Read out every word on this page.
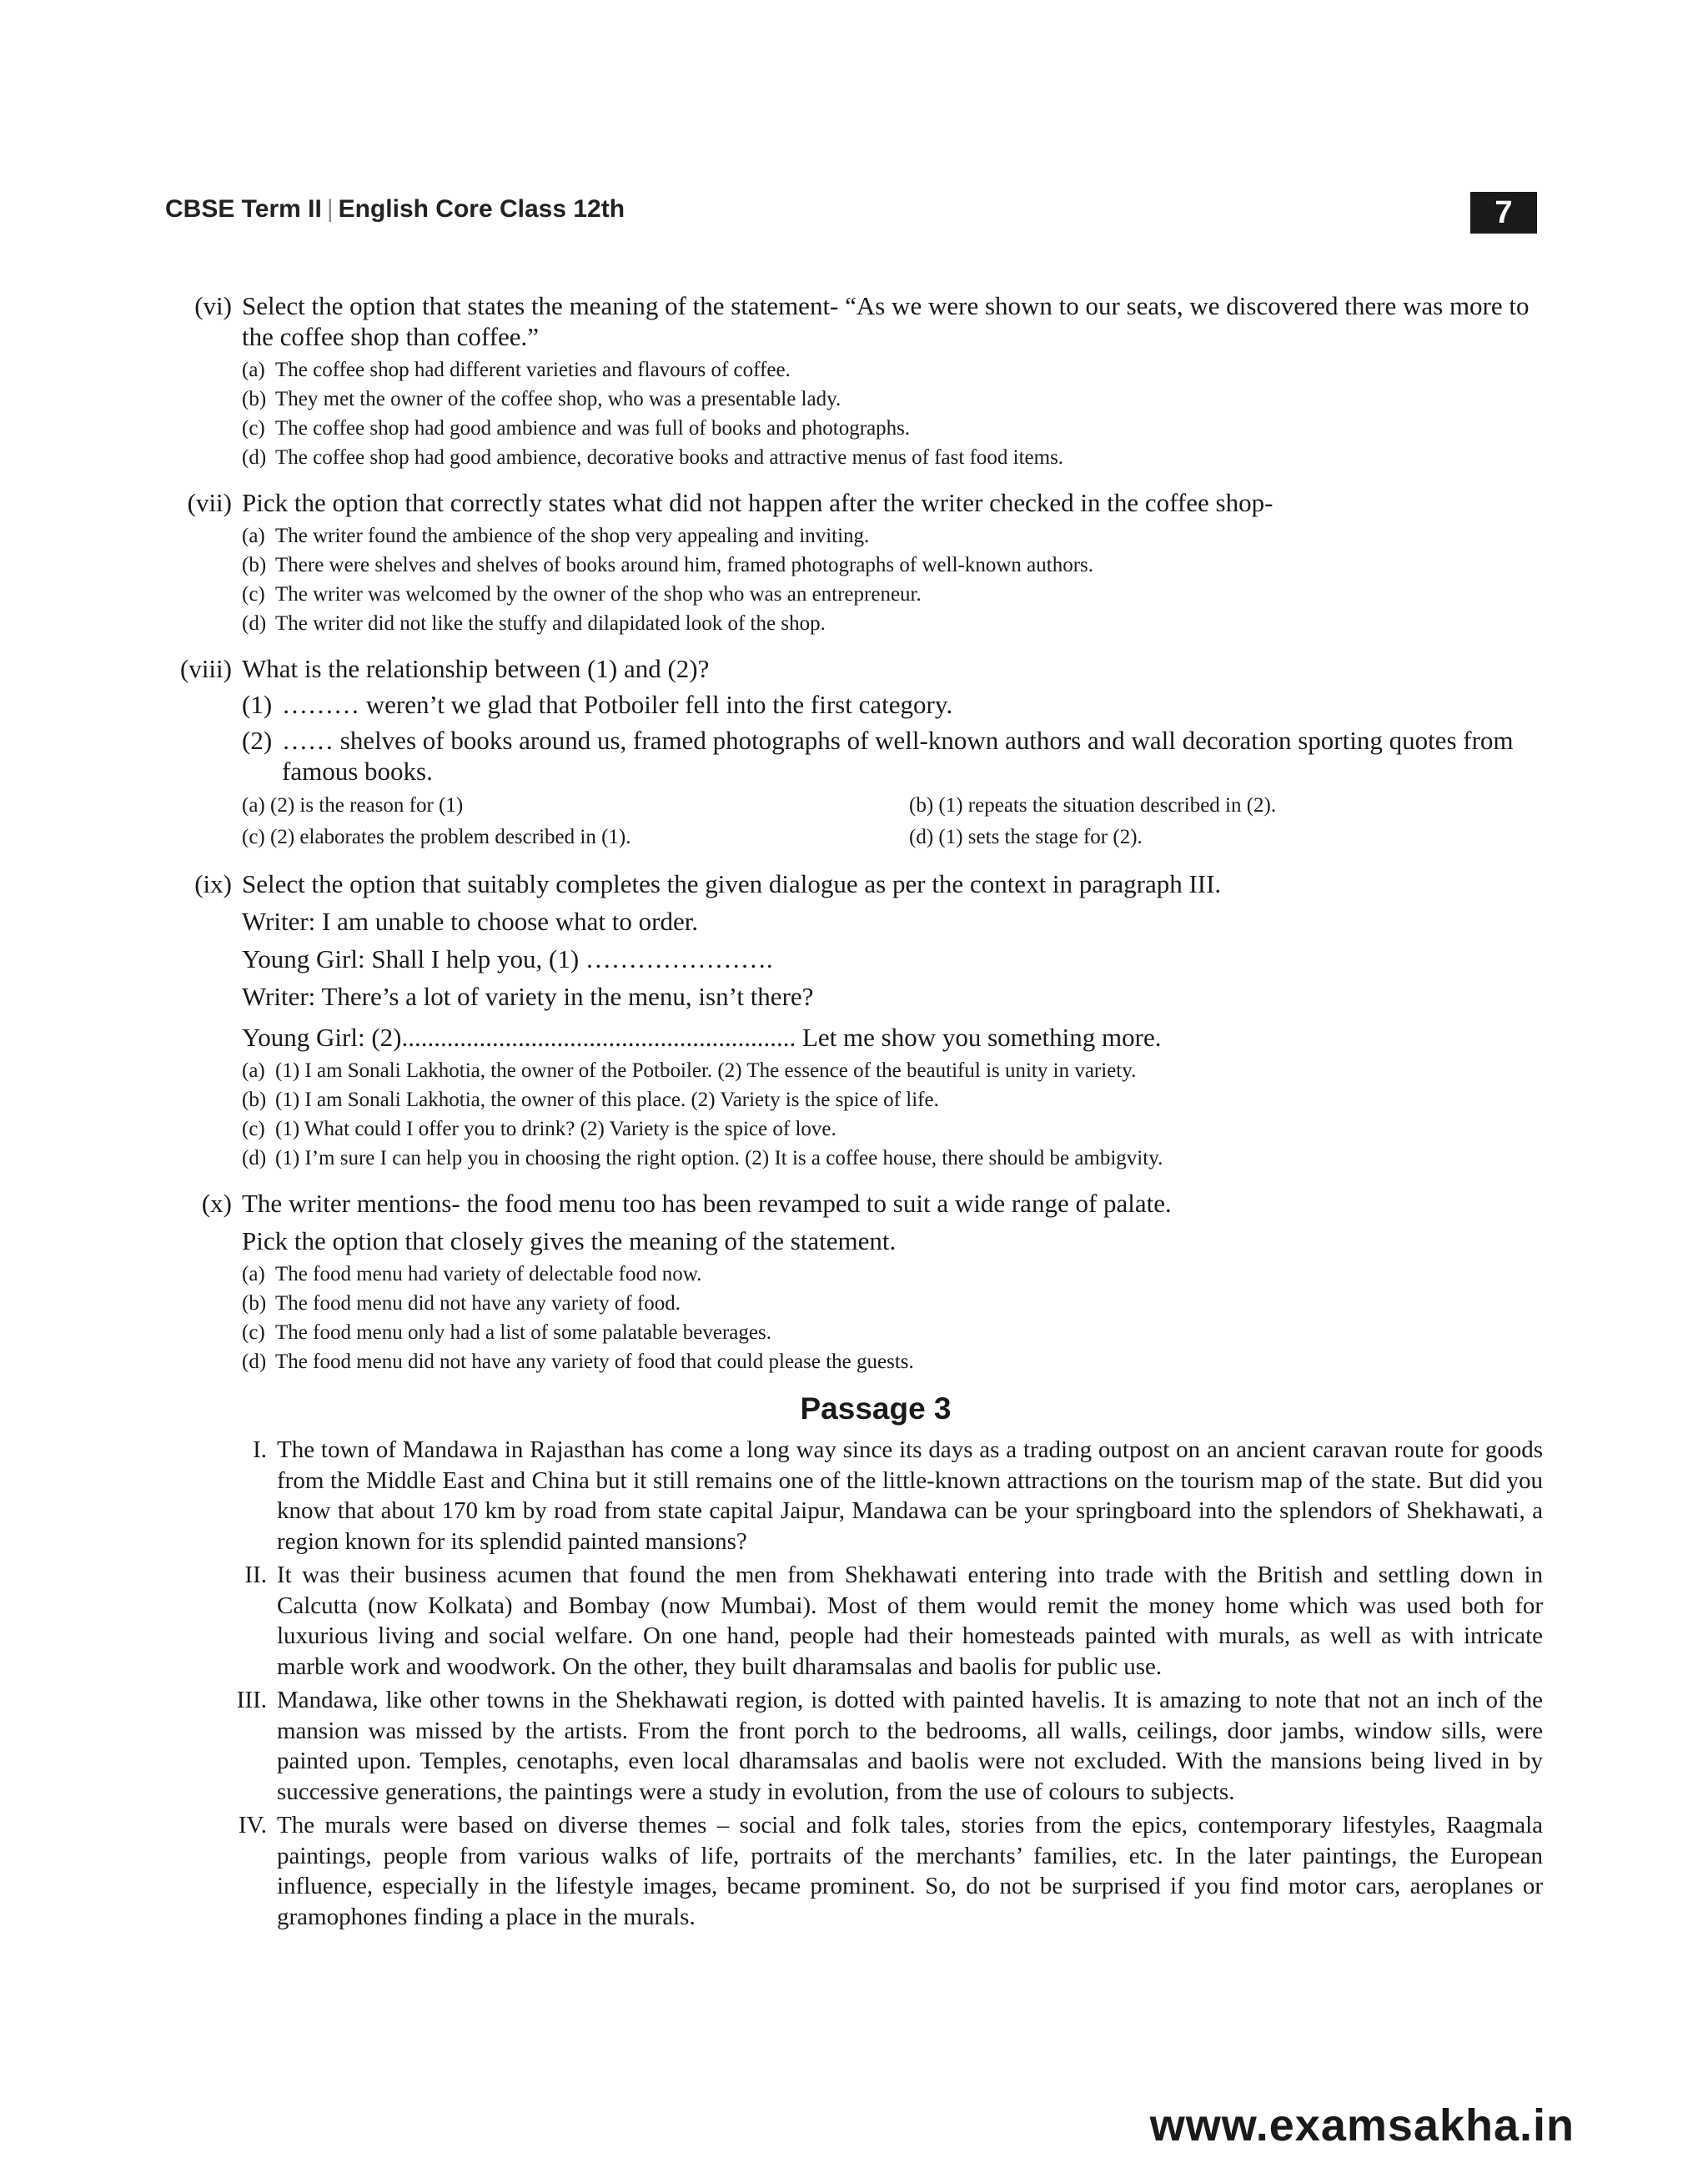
CBSE Term II | English Core Class 12th	7
(vi) Select the option that states the meaning of the statement- “As we were shown to our seats, we discovered there was more to the coffee shop than coffee.”
(a) The coffee shop had different varieties and flavours of coffee.
(b) They met the owner of the coffee shop, who was a presentable lady.
(c) The coffee shop had good ambience and was full of books and photographs.
(d) The coffee shop had good ambience, decorative books and attractive menus of fast food items.
(vii) Pick the option that correctly states what did not happen after the writer checked in the coffee shop-
(a) The writer found the ambience of the shop very appealing and inviting.
(b) There were shelves and shelves of books around him, framed photographs of well-known authors.
(c) The writer was welcomed by the owner of the shop who was an entrepreneur.
(d) The writer did not like the stuffy and dilapidated look of the shop.
(viii) What is the relationship between (1) and (2)?
(1) ……… weren’t we glad that Potboiler fell into the first category.
(2) …… shelves of books around us, framed photographs of well-known authors and wall decoration sporting quotes from famous books.
(a) (2) is the reason for (1)	(b) (1) repeats the situation described in (2).
(c) (2) elaborates the problem described in (1).	(d) (1) sets the stage for (2).
(ix) Select the option that suitably completes the given dialogue as per the context in paragraph III.
Writer: I am unable to choose what to order.
Young Girl: Shall I help you, (1) ………………….
Writer: There’s a lot of variety in the menu, isn’t there?
Young Girl: (2)............................................................. Let me show you something more.
(a) (1) I am Sonali Lakhotia, the owner of the Potboiler. (2) The essence of the beautiful is unity in variety.
(b) (1) I am Sonali Lakhotia, the owner of this place. (2) Variety is the spice of life.
(c) (1) What could I offer you to drink? (2) Variety is the spice of love.
(d) (1) I’m sure I can help you in choosing the right option. (2) It is a coffee house, there should be ambigvity.
(x) The writer mentions- the food menu too has been revamped to suit a wide range of palate.
Pick the option that closely gives the meaning of the statement.
(a) The food menu had variety of delectable food now.
(b) The food menu did not have any variety of food.
(c) The food menu only had a list of some palatable beverages.
(d) The food menu did not have any variety of food that could please the guests.
Passage 3
I. The town of Mandawa in Rajasthan has come a long way since its days as a trading outpost on an ancient caravan route for goods from the Middle East and China but it still remains one of the little-known attractions on the tourism map of the state. But did you know that about 170 km by road from state capital Jaipur, Mandawa can be your springboard into the splendors of Shekhawati, a region known for its splendid painted mansions?
II. It was their business acumen that found the men from Shekhawati entering into trade with the British and settling down in Calcutta (now Kolkata) and Bombay (now Mumbai). Most of them would remit the money home which was used both for luxurious living and social welfare. On one hand, people had their homesteads painted with murals, as well as with intricate marble work and woodwork. On the other, they built dharamsalas and baolis for public use.
III. Mandawa, like other towns in the Shekhawati region, is dotted with painted havelis. It is amazing to note that not an inch of the mansion was missed by the artists. From the front porch to the bedrooms, all walls, ceilings, door jambs, window sills, were painted upon. Temples, cenotaphs, even local dharamsalas and baolis were not excluded. With the mansions being lived in by successive generations, the paintings were a study in evolution, from the use of colours to subjects.
IV. The murals were based on diverse themes – social and folk tales, stories from the epics, contemporary lifestyles, Raagmala paintings, people from various walks of life, portraits of the merchants’ families, etc. In the later paintings, the European influence, especially in the lifestyle images, became prominent. So, do not be surprised if you find motor cars, aeroplanes or gramophones finding a place in the murals.
www.examsakha.in
